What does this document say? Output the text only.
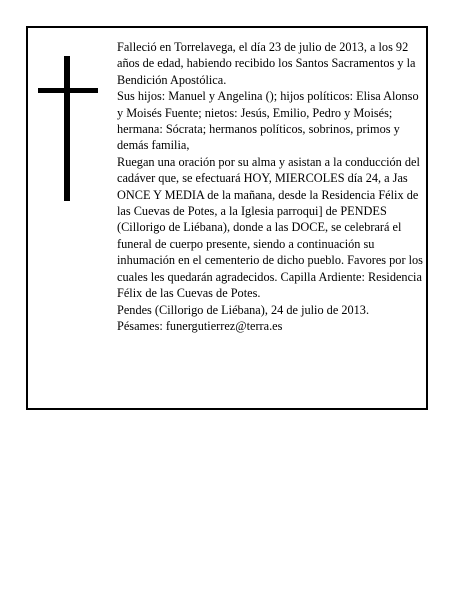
Falleció en Torrelavega, el día 23 de julio de 2013, a los 92 años de edad, habiendo recibido los Santos Sacramentos y la Bendición Apostólica.

Sus hijos: Manuel y Angelina (); hijos políticos: Elisa Alonso y Moisés Fuente; nietos: Jesús, Emilio, Pedro y Moisés; hermana: Sócrata; hermanos políticos, sobrinos, primos y demás familia,

Ruegan una oración por su alma y asistan a la conducción del cadáver que, se efectuará HOY, MIERCOLES día 24, a Jas ONCE Y MEDIA de la mañana, desde la Residencia Félix de las Cuevas de Potes, a la Iglesia parroqui] de PENDES (Cillorigo de Liébana), donde a las DOCE, se celebrará el funeral de cuerpo presente, siendo a continuación su inhumación en el cementerio de dicho pueblo. Favores por los cuales les quedarán agradecidos. Capilla Ardiente: Residencia Félix de las Cuevas de Potes.

Pendes (Cillorigo de Liébana), 24 de julio de 2013.

Pésames: funergutierrez@terra.es
